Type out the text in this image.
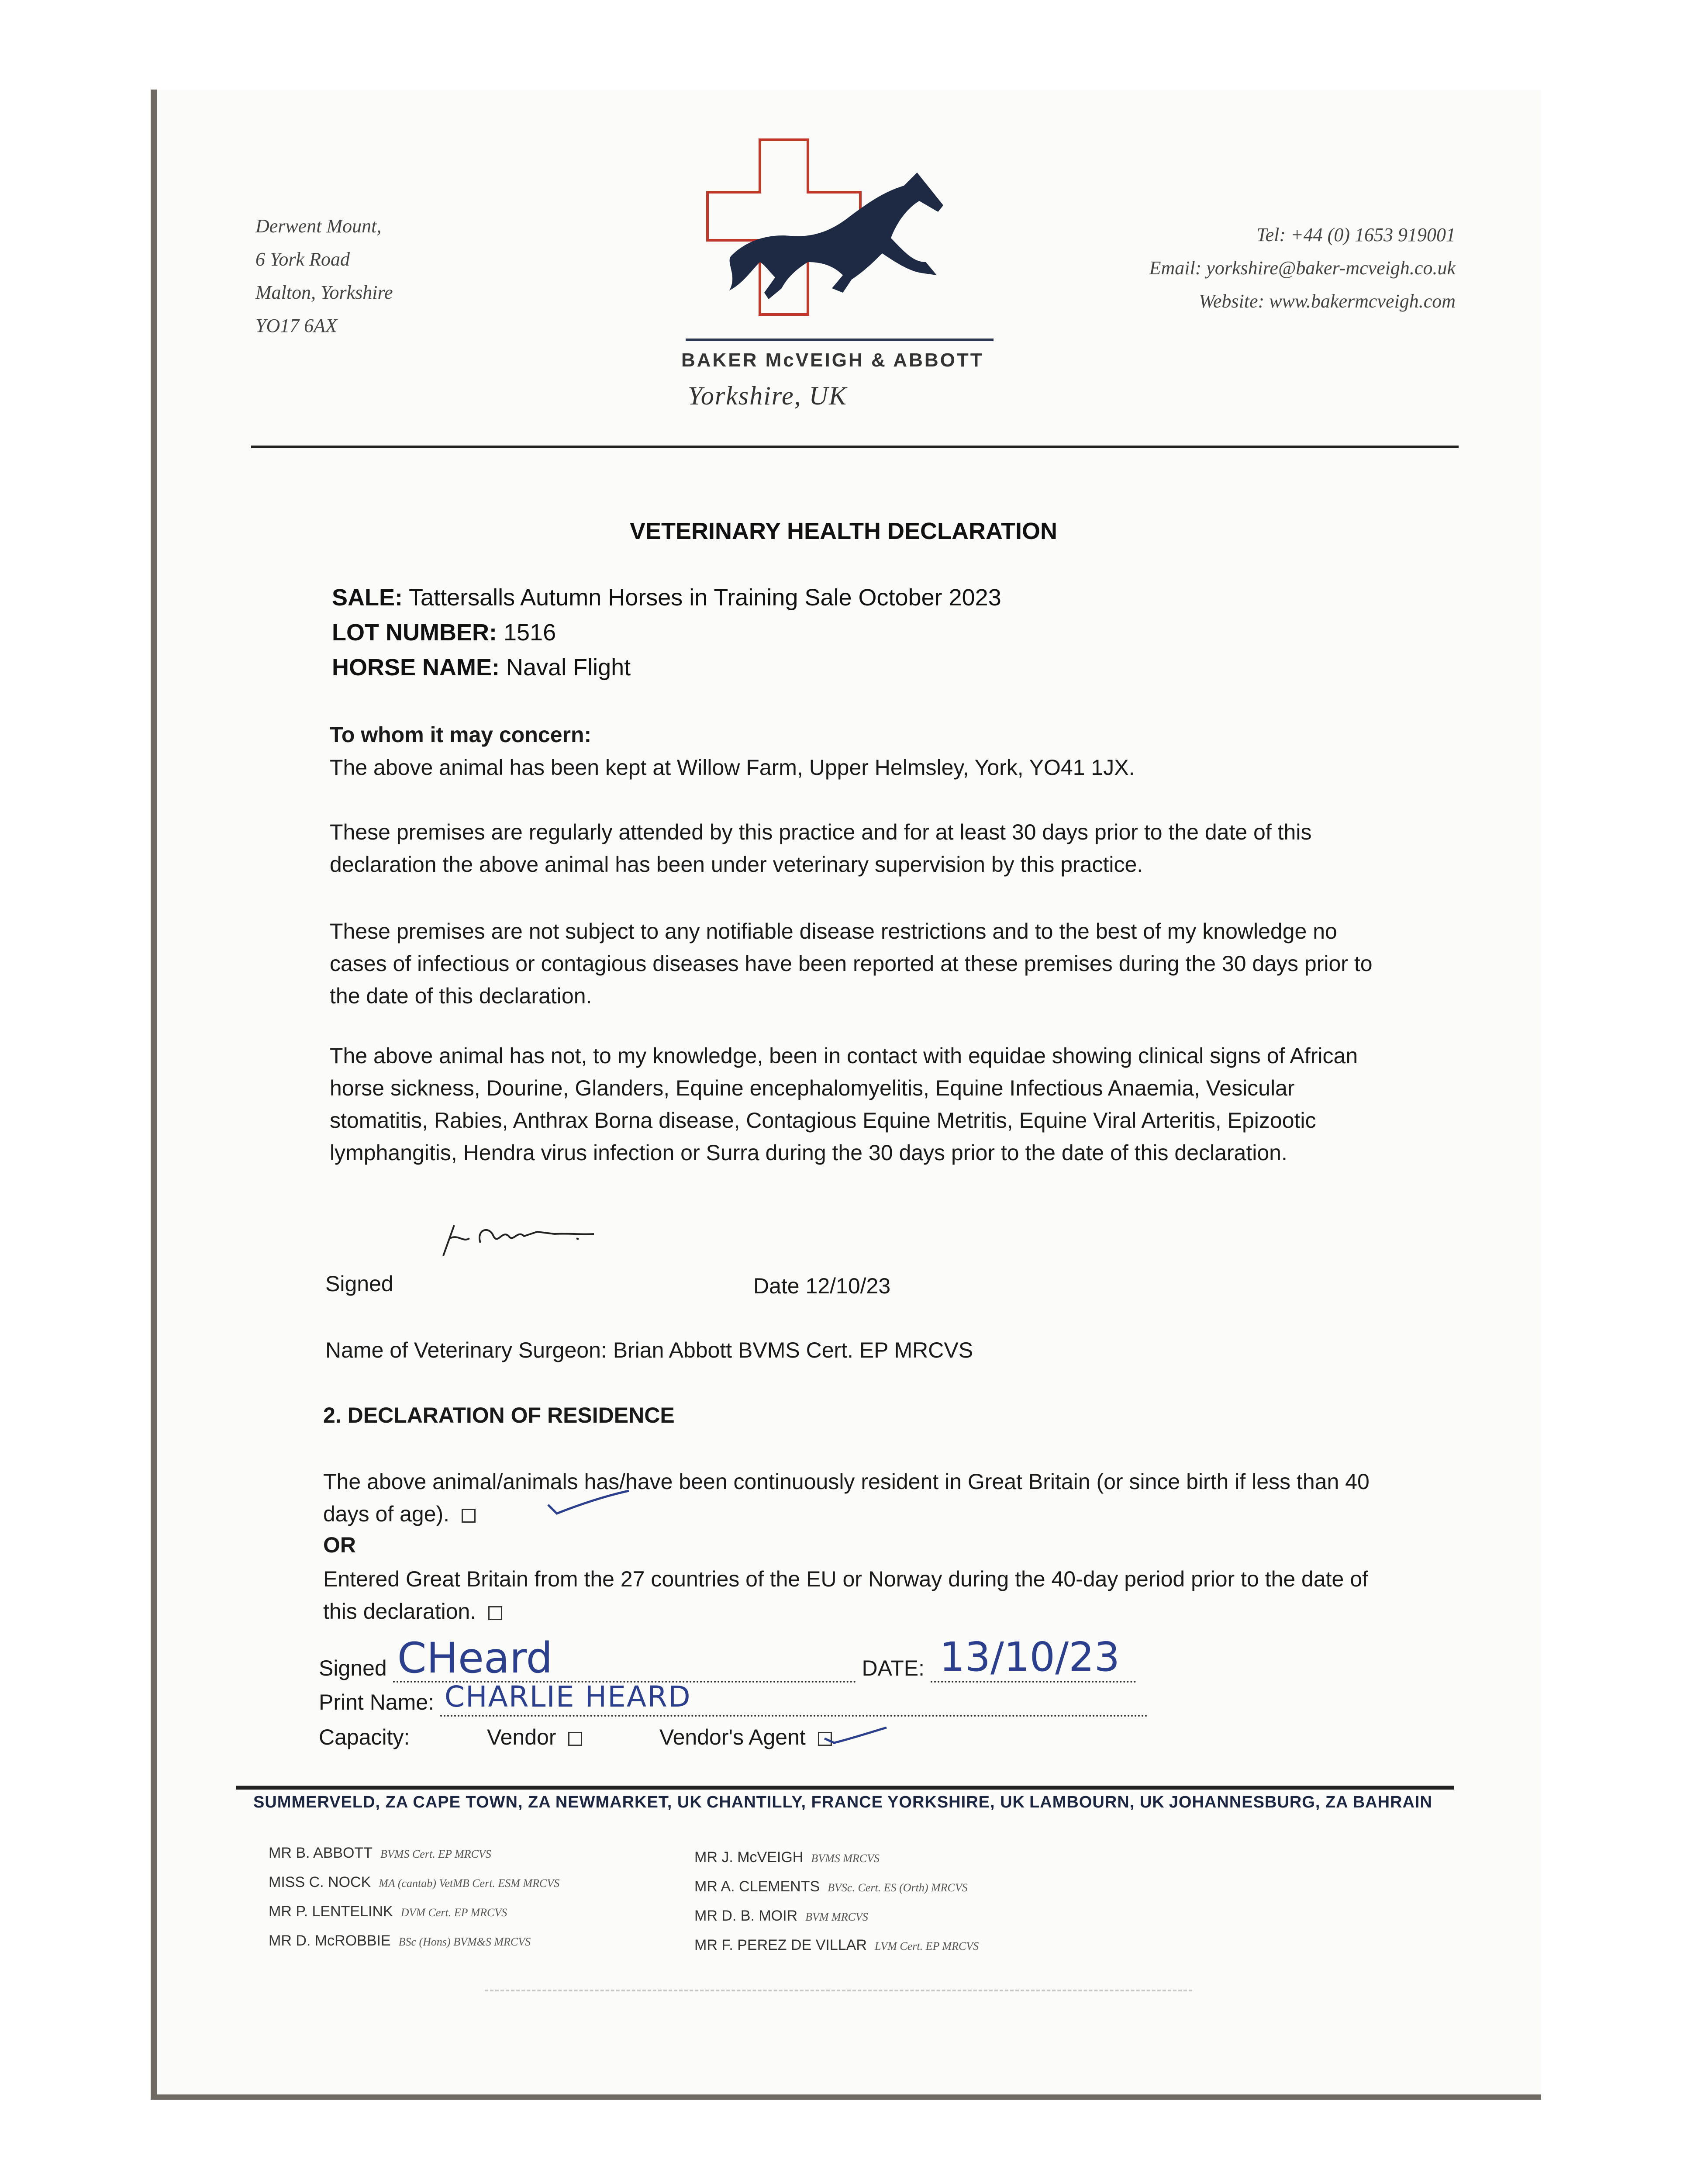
Derwent Mount,
6 York Road
Malton, Yorkshire
YO17 6AX
Tel: +44 (0) 1653 919001
Email: yorkshire@baker-mcveigh.co.uk
Website: www.bakermcveigh.com
BAKER McVEIGH & ABBOTT
Yorkshire, UK
VETERINARY HEALTH DECLARATION
SALE: Tattersalls Autumn Horses in Training Sale October 2023
LOT NUMBER: 1516
HORSE NAME: Naval Flight
To whom it may concern:
The above animal has been kept at Willow Farm, Upper Helmsley, York, YO41 1JX.
These premises are regularly attended by this practice and for at least 30 days prior to the date of this declaration the above animal has been under veterinary supervision by this practice.
These premises are not subject to any notifiable disease restrictions and to the best of my knowledge no cases of infectious or contagious diseases have been reported at these premises during the 30 days prior to the date of this declaration.
The above animal has not, to my knowledge, been in contact with equidae showing clinical signs of African horse sickness, Dourine, Glanders, Equine encephalomyelitis, Equine Infectious Anaemia, Vesicular stomatitis, Rabies, Anthrax Borna disease, Contagious Equine Metritis, Equine Viral Arteritis, Epizootic lymphangitis, Hendra virus infection or Surra during the 30 days prior to the date of this declaration.
Signed	Date 12/10/23
Name of Veterinary Surgeon: Brian Abbott BVMS Cert. EP MRCVS
2. DECLARATION OF RESIDENCE
The above animal/animals has/have been continuously resident in Great Britain (or since birth if less than 40 days of age).
OR
Entered Great Britain from the 27 countries of the EU or Norway during the 40-day period prior to the date of this declaration.
Signed CHeard	DATE: 13/10/23

Print Name: CHARLIE HEARD

Capacity:	Vendor	Vendor's Agent
SUMMERVELD, ZA CAPE TOWN, ZA NEWMARKET, UK CHANTILLY, FRANCE YORKSHIRE, UK LAMBOURN, UK JOHANNESBURG, ZA BAHRAIN
MR B. ABBOTT BVMS Cert. EP MRCVS
MISS C. NOCK MA (cantab) VetMB Cert. ESM MRCVS
MR P. LENTELINK DVM Cert. EP MRCVS
MR D. McROBBIE BSc (Hons) BVM&S MRCVS
MR J. McVEIGH BVMS MRCVS
MR A. CLEMENTS BVSc. Cert. ES (Orth) MRCVS
MR D. B. MOIR BVM MRCVS
MR F. PEREZ DE VILLAR LVM Cert. EP MRCVS
